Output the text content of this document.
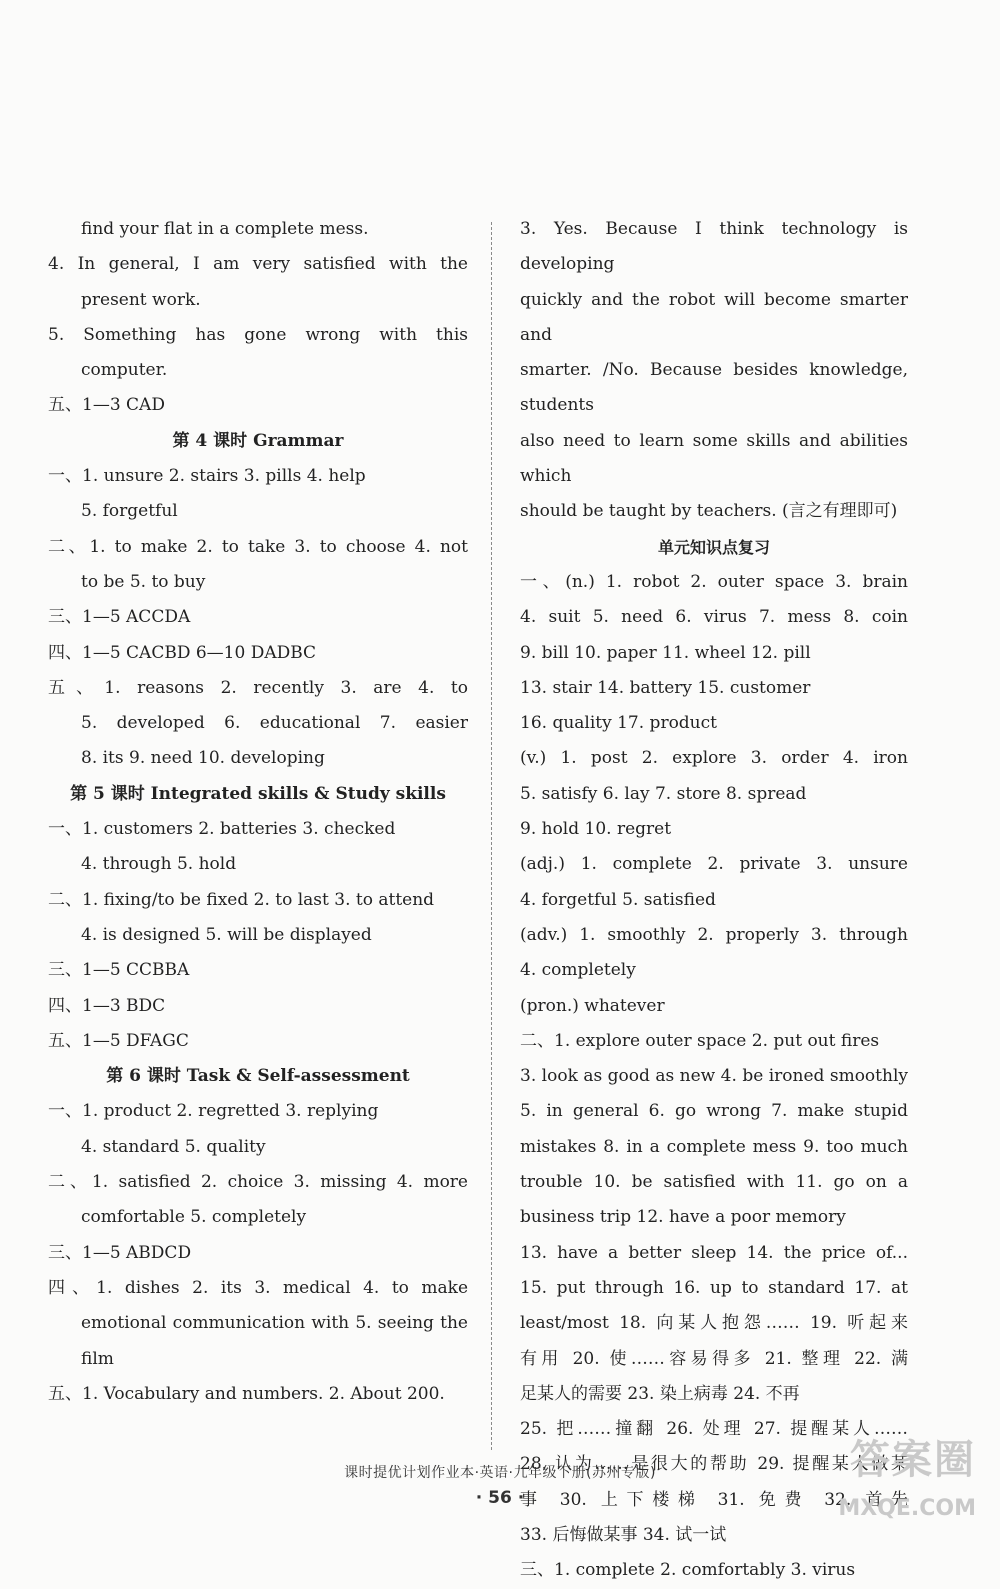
find your flat in a complete mess.
4. In general, I am very satisfied with the
present work.
5. Something has gone wrong with this
computer.
五、1—3 CAD
第 4 课时 Grammar
一、1. unsure 2. stairs 3. pills 4. help
5. forgetful
二、1. to make 2. to take 3. to choose 4. not
to be 5. to buy
三、1—5 ACCDA
四、1—5 CACBD 6—10 DADBC
五、1. reasons 2. recently 3. are 4. to
5. developed 6. educational 7. easier
8. its 9. need 10. developing
第 5 课时 Integrated skills & Study skills
一、1. customers 2. batteries 3. checked
4. through 5. hold
二、1. fixing/to be fixed 2. to last 3. to attend
4. is designed 5. will be displayed
三、1—5 CCBBA
四、1—3 BDC
五、1—5 DFAGC
第 6 课时 Task & Self-assessment
一、1. product 2. regretted 3. replying
4. standard 5. quality
二、1. satisfied 2. choice 3. missing 4. more
comfortable 5. completely
三、1—5 ABDCD
四、1. dishes 2. its 3. medical 4. to make
emotional communication with 5. seeing the
film
五、1. Vocabulary and numbers. 2. About 200.
3. Yes. Because I think technology is developing
quickly and the robot will become smarter and
smarter. /No. Because besides knowledge, students
also need to learn some skills and abilities which
should be taught by teachers. (言之有理即可)
单元知识点复习
一、(n.) 1. robot 2. outer space 3. brain
4. suit 5. need 6. virus 7. mess 8. coin
9. bill 10. paper 11. wheel 12. pill
13. stair 14. battery 15. customer
16. quality 17. product
(v.) 1. post 2. explore 3. order 4. iron
5. satisfy 6. lay 7. store 8. spread
9. hold 10. regret
(adj.) 1. complete 2. private 3. unsure
4. forgetful 5. satisfied
(adv.) 1. smoothly 2. properly 3. through
4. completely
(pron.) whatever
二、1. explore outer space 2. put out fires
3. look as good as new 4. be ironed smoothly
5. in general 6. go wrong 7. make stupid
mistakes 8. in a complete mess 9. too much
trouble 10. be satisfied with 11. go on a
business trip 12. have a poor memory
13. have a better sleep 14. the price of...
15. put through 16. up to standard 17. at
least/most 18. 向某人抱怨…… 19. 听起来
有用 20. 使……容易得多 21. 整理 22. 满
足某人的需要 23. 染上病毒 24. 不再
25. 把……撞翻 26. 处理 27. 提醒某人……
28. 认为……是很大的帮助 29. 提醒某人做某
事 30. 上下楼梯 31. 免费 32. 首先
33. 后悔做某事 34. 试一试
三、1. complete 2. comfortably 3. virus
课时提优计划作业本·英语·九年级下册(苏州专版)
· 56 ·
答案圈
MXQE.COM
